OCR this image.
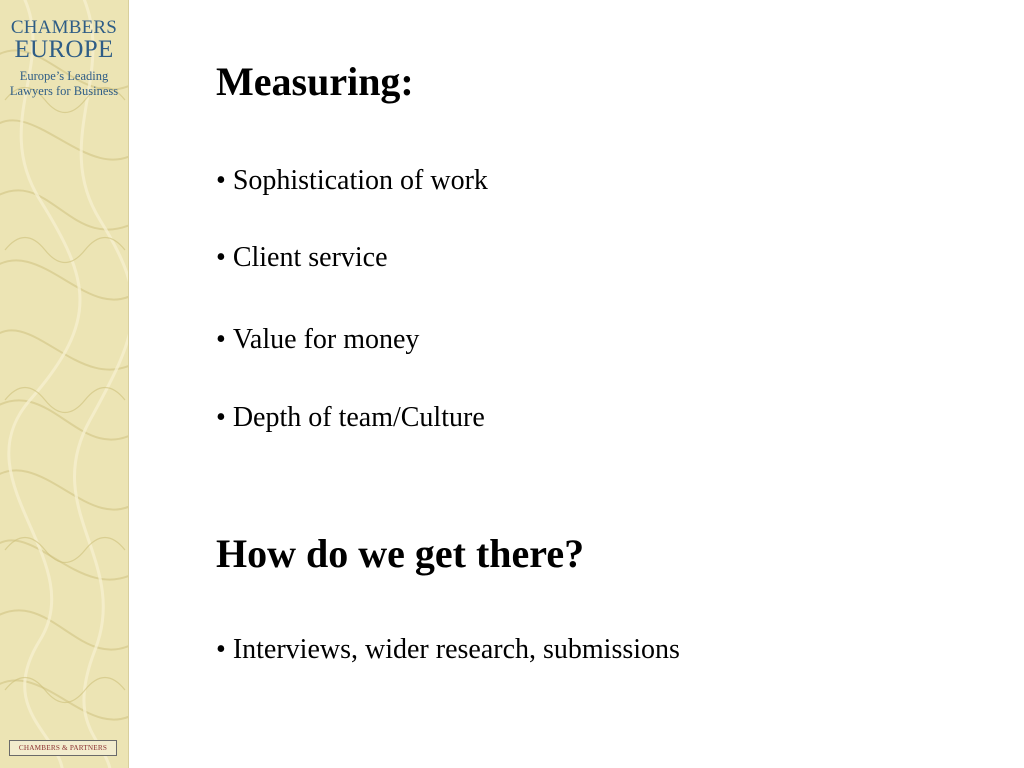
CHAMBERS
EUROPE
Europe’s Leading
Lawyers for Business
CHAMBERS & PARTNERS
Measuring:

• Sophistication of work

• Client service

• Value for money

• Depth of team/Culture

How do we get there?

• Interviews, wider research, submissions
